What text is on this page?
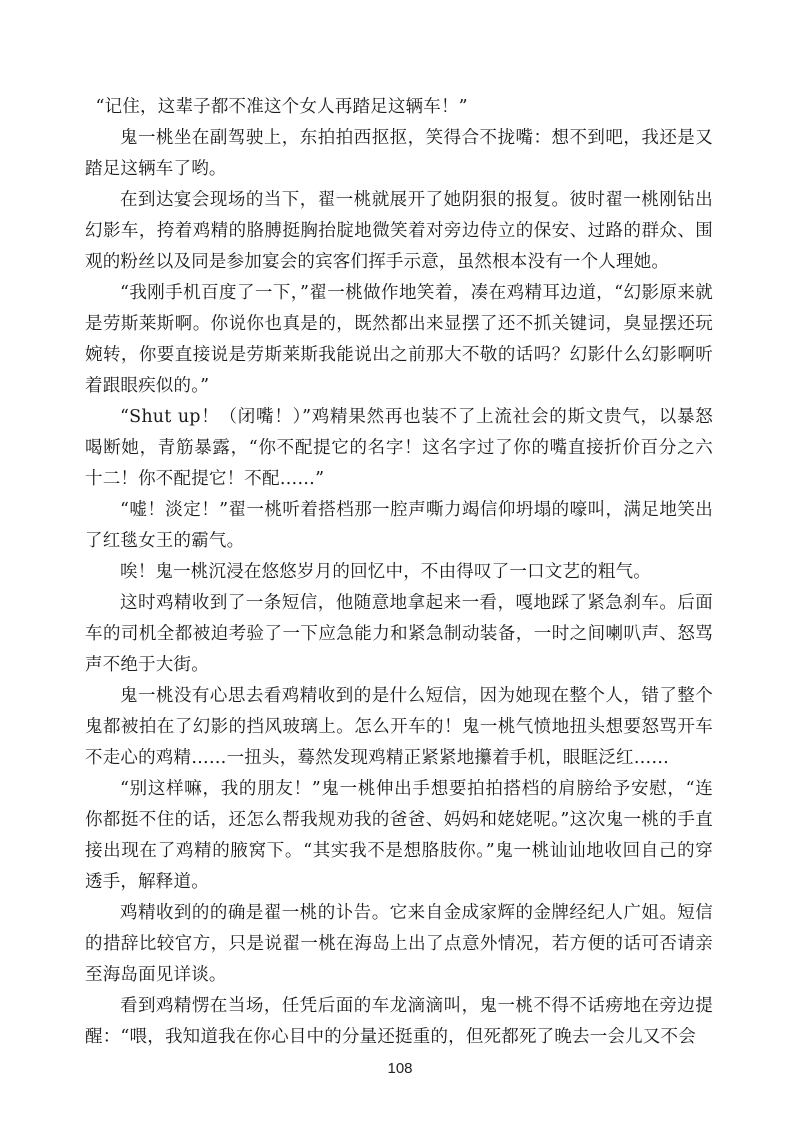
“记住，这辈子都不准这个女人再踏足这辆车！”

鬼一桃坐在副驾驶上，东拍拍西抠抠，笑得合不拢嘴：想不到吧，我还是又踏足这辆车了哟。

在到达宴会现场的当下，翟一桃就展开了她阴狠的报复。彼时翟一桃刚钻出幻影车，挎着鸡精的胳膊挺胸抬腚地微笑着对旁边侍立的保安、过路的群众、围观的粉丝以及同是参加宴会的宾客们挥手示意，虽然根本没有一个人理她。

“我刚手机百度了一下，”翟一桃做作地笑着，凑在鸡精耳边道，“幻影原来就是劳斯莱斯啊。你说你也真是的，既然都出来显摆了还不抓关键词，臭显摆还玩婉转，你要直接说是劳斯莱斯我能说出之前那大不敬的话吗？幻影什么幻影啊听着跟眼疾似的。”

“Shut up！（闭嘴！）”鸡精果然再也装不了上流社会的斯文贵气，以暴怒喝断她，青筋暴露，“你不配提它的名字！这名字过了你的嘴直接折价百分之六十二！你不配提它！不配……”

“嘘！淡定！”翟一桃听着搭档那一腔声嘶力竭信仰坍塌的嚎叫，满足地笑出了红毯女王的霸气。

唉！鬼一桃沉浸在悠悠岁月的回忆中，不由得叹了一口文艺的粗气。

这时鸡精收到了一条短信，他随意地拿起来一看，嘎地踩了紧急刹车。后面车的司机全都被迫考验了一下应急能力和紧急制动装备，一时之间喇叭声、怒骂声不绝于大街。

鬼一桃没有心思去看鸡精收到的是什么短信，因为她现在整个人，错了整个鬼都被拍在了幻影的挡风玻璃上。怎么开车的！鬼一桃气愤地扭头想要怒骂开车不走心的鸡精……一扭头，蓦然发现鸡精正紧紧地攥着手机，眼眶泛红……

“别这样嘛，我的朋友！”鬼一桃伸出手想要拍拍搭档的肩膀给予安慰，“连你都挺不住的话，还怎么帮我规劝我的爸爸、妈妈和姥姥呢。”这次鬼一桃的手直接出现在了鸡精的腋窝下。“其实我不是想胳肢你。”鬼一桃讪讪地收回自己的穿透手，解释道。

鸡精收到的的确是翟一桃的讣告。它来自金成家辉的金牌经纪人广姐。短信的措辞比较官方，只是说翟一桃在海岛上出了点意外情况，若方便的话可否请亲至海岛面见详谈。

看到鸡精愣在当场，任凭后面的车龙滴滴叫，鬼一桃不得不话痨地在旁边提醒：“喂，我知道我在你心目中的分量还挺重的，但死都死了晚去一会儿又不会

108
